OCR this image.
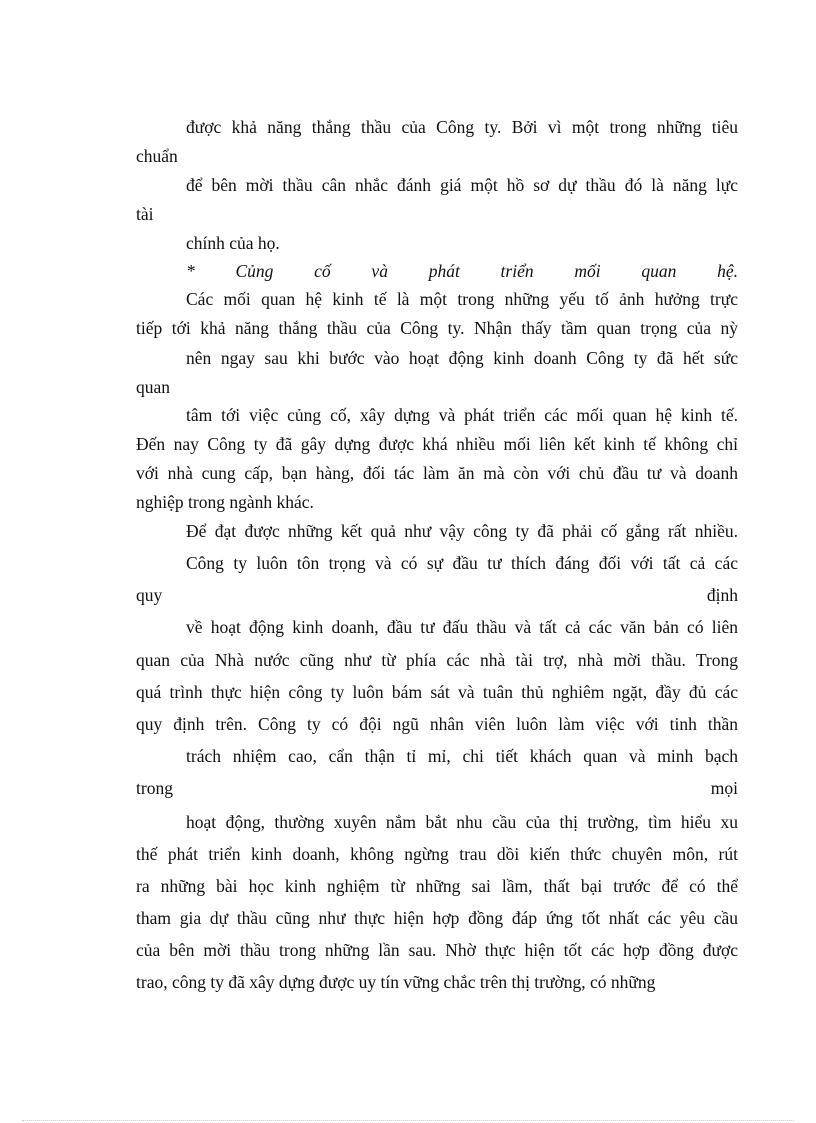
được khả năng thắng thầu của Công ty. Bởi vì một trong những tiêu
chuẩn
để bên mời thầu cân nhắc đánh giá một hồ sơ dự thầu đó là năng lực
tài
chính của họ.
* Củng cố và phát triển mối quan hệ.
Các mối quan hệ kinh tế là một trong những yếu tố ảnh hưởng trực
tiếp tới khả năng thắng thầu của Công ty. Nhận thấy tầm quan trọng của nỳ
nên ngay sau khi bước vào hoạt động kinh doanh Công ty đã hết sức
quan
tâm tới việc củng cố, xây dựng và phát triển các mối quan hệ kinh tế.
Đến nay Công ty đã gây dựng được khá nhiều mối liên kết kinh tế không chỉ
với nhà cung cấp, bạn hàng, đối tác làm ăn mà còn với chủ đầu tư và doanh
nghiệp trong ngành khác.
Để đạt được những kết quả như vậy công ty đã phải cố gắng rất nhiều.
Công ty luôn tôn trọng và có sự đầu tư thích đáng đối với tất cả các
quy	định
về hoạt động kinh doanh, đầu tư đấu thầu và tất cả các văn bản có liên
quan của Nhà nước cũng như từ phía các nhà tài trợ, nhà mời thầu. Trong
quá trình thực hiện công ty luôn bám sát và tuân thủ nghiêm ngặt, đầy đủ các
quy định trên. Công ty có đội ngũ nhân viên luôn làm việc với tinh thần
trách nhiệm cao, cẩn thận tỉ mỉ, chi tiết khách quan và minh bạch
trong	mọi
hoạt động, thường xuyên nắm bắt nhu cầu của thị trường, tìm hiểu xu
thế phát triển kinh doanh, không ngừng trau dồi kiến thức chuyên môn, rút
ra những bài học kinh nghiệm từ những sai lầm, thất bại trước để có thể
tham gia dự thầu cũng như thực hiện hợp đồng đáp ứng tốt nhất các yêu cầu
của bên mời thầu trong những lần sau. Nhờ thực hiện tốt các hợp đồng được
trao, công ty đã xây dựng được uy tín vững chắc trên thị trường, có những
